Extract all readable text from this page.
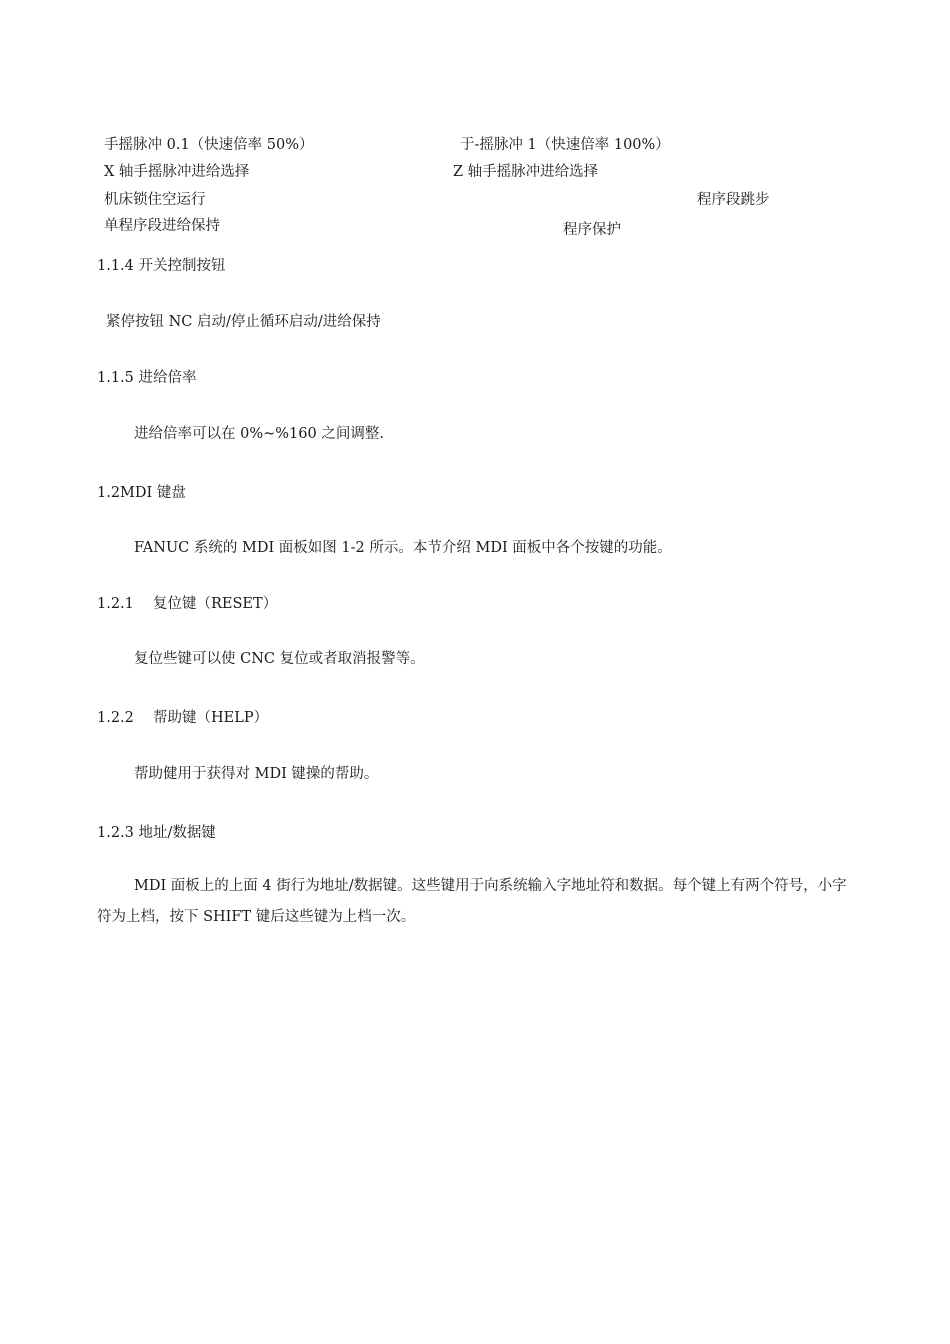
手摇脉冲 0.1（快速倍率 50%）	于-摇脉冲 1（快速倍率 100%）
X 轴手摇脉冲进给选择	Z 轴手摇脉冲进给选择
机床锁住空运行	程序段跳步
单程序段进给保持	程序保护
1.1.4 开关控制按钮
紧停按钮 NC 启动/停止循环启动/进给保持
1.1.5 进给倍率
进给倍率可以在 0%~%160 之间调整.
1.2MDI 键盘
FANUC 系统的 MDI 面板如图 1-2 所示。本节介绍 MDI 面板中各个按键的功能。
1.2.1 复位键（RESET）
复位些键可以使 CNC 复位或者取消报警等。
1.2.2 帮助键（HELP）
帮助健用于获得对 MDI 键操的帮助。
1.2.3 地址/数据键
MDI 面板上的上面 4 街行为地址/数据键。这些键用于向系统输入字地址符和数据。每个键上有两个符号，小字符为上档，按下 SHIFT 键后这些键为上档一次。
